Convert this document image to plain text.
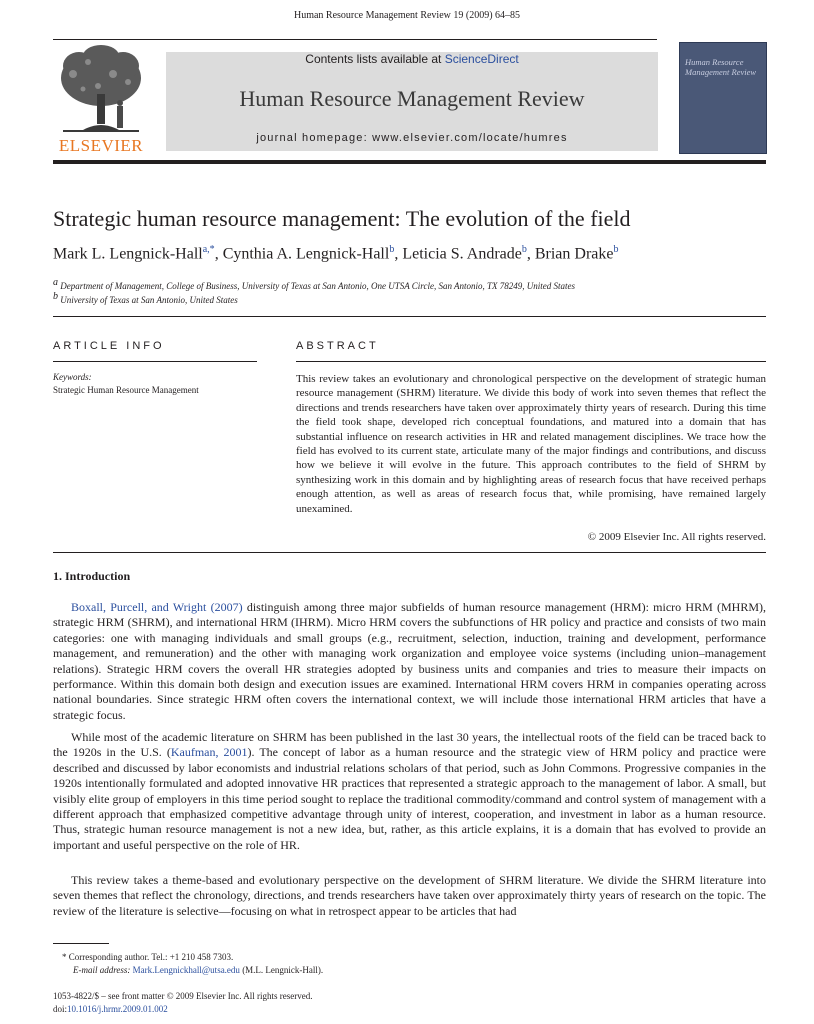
Human Resource Management Review 19 (2009) 64–85
ELSEVIER
Contents lists available at ScienceDirect
Human Resource Management Review
journal homepage: www.elsevier.com/locate/humres
Human Resource Management Review
Strategic human resource management: The evolution of the field
Mark L. Lengnick-Hall$^{a,*}$, Cynthia A. Lengnick-Hall$^b$, Leticia S. Andrade$^b$, Brian Drake$^b$
$^a$ Department of Management, College of Business, University of Texas at San Antonio, One UTSA Circle, San Antonio, TX 78249, United States
$^b$ University of Texas at San Antonio, United States
ARTICLE INFO	ABSTRACT
Keywords:
Strategic Human Resource Management

This review takes an evolutionary and chronological perspective on the development of strategic human resource management (SHRM) literature. We divide this body of work into seven themes that reflect the directions and trends researchers have taken over approximately thirty years of research. During this time the field took shape, developed rich conceptual foundations, and matured into a domain that has substantial influence on research activities in HR and related management disciplines. We trace how the field has evolved to its current state, articulate many of the major findings and contributions, and discuss how we believe it will evolve in the future. This approach contributes to the field of SHRM by synthesizing work in this domain and by highlighting areas of research focus that have received perhaps enough attention, as well as areas of research focus that, while promising, have remained largely unexamined.

© 2009 Elsevier Inc. All rights reserved.
1. Introduction

Boxall, Purcell, and Wright (2007) distinguish among three major subfields of human resource management (HRM): micro HRM (MHRM), strategic HRM (SHRM), and international HRM (IHRM). Micro HRM covers the subfunctions of HR policy and practice and consists of two main categories: one with managing individuals and small groups (e.g., recruitment, selection, induction, training and development, performance management, and remuneration) and the other with managing work organization and employee voice systems (including union–management relations). Strategic HRM covers the overall HR strategies adopted by business units and companies and tries to measure their impacts on performance. Within this domain both design and execution issues are examined. International HRM covers HRM in companies operating across national boundaries. Since strategic HRM often covers the international context, we will include those international HRM articles that have a strategic focus.

While most of the academic literature on SHRM has been published in the last 30 years, the intellectual roots of the field can be traced back to the 1920s in the U.S. (Kaufman, 2001). The concept of labor as a human resource and the strategic view of HRM policy and practice were described and discussed by labor economists and industrial relations scholars of that period, such as John Commons. Progressive companies in the 1920s intentionally formulated and adopted innovative HR practices that represented a strategic approach to the management of labor. A small, but visibly elite group of employers in this time period sought to replace the traditional commodity/command and control system of management with a different approach that emphasized competitive advantage through unity of interest, cooperation, and investment in labor as a human resource. Thus, strategic human resource management is not a new idea, but, rather, as this article explains, it is a domain that has evolved to provide an important and useful perspective on the role of HR.

This review takes a theme-based and evolutionary perspective on the development of SHRM literature. We divide the SHRM literature into seven themes that reflect the chronology, directions, and trends researchers have taken over approximately thirty years of research on the topic. The review of the literature is selective—focusing on what in retrospect appear to be articles that had

* Corresponding author. Tel.: +1 210 458 7303.
E-mail address: Mark.Lengnickhall@utsa.edu (M.L. Lengnick-Hall).
1053-4822/$ – see front matter © 2009 Elsevier Inc. All rights reserved.
doi:10.1016/j.hrmr.2009.01.002
